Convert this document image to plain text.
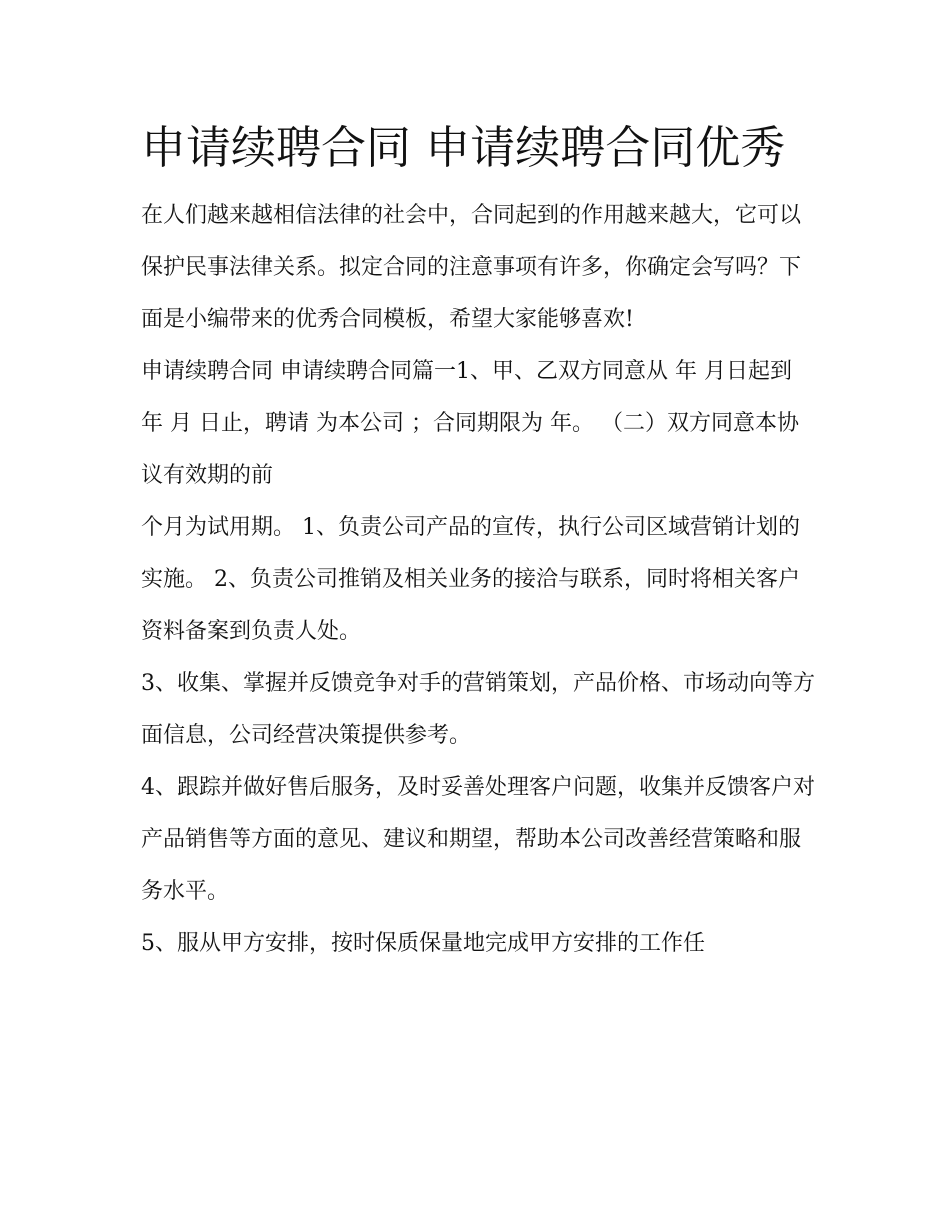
申请续聘合同 申请续聘合同优秀

在人们越来越相信法律的社会中，合同起到的作用越来越大，它可以保护民事法律关系。拟定合同的注意事项有许多，你确定会写吗？下面是小编带来的优秀合同模板，希望大家能够喜欢!

申请续聘合同 申请续聘合同篇一1、甲、乙双方同意从 年 月日起到 年 月 日止，聘请 为本公司 ；合同期限为 年。 （二）双方同意本协议有效期的前

个月为试用期。 1、负责公司产品的宣传，执行公司区域营销计划的实施。 2、负责公司推销及相关业务的接洽与联系，同时将相关客户资料备案到负责人处。

3、收集、掌握并反馈竞争对手的营销策划，产品价格、市场动向等方面信息，公司经营决策提供参考。

4、跟踪并做好售后服务，及时妥善处理客户问题，收集并反馈客户对产品销售等方面的意见、建议和期望，帮助本公司改善经营策略和服务水平。

5、服从甲方安排，按时保质保量地完成甲方安排的工作任
